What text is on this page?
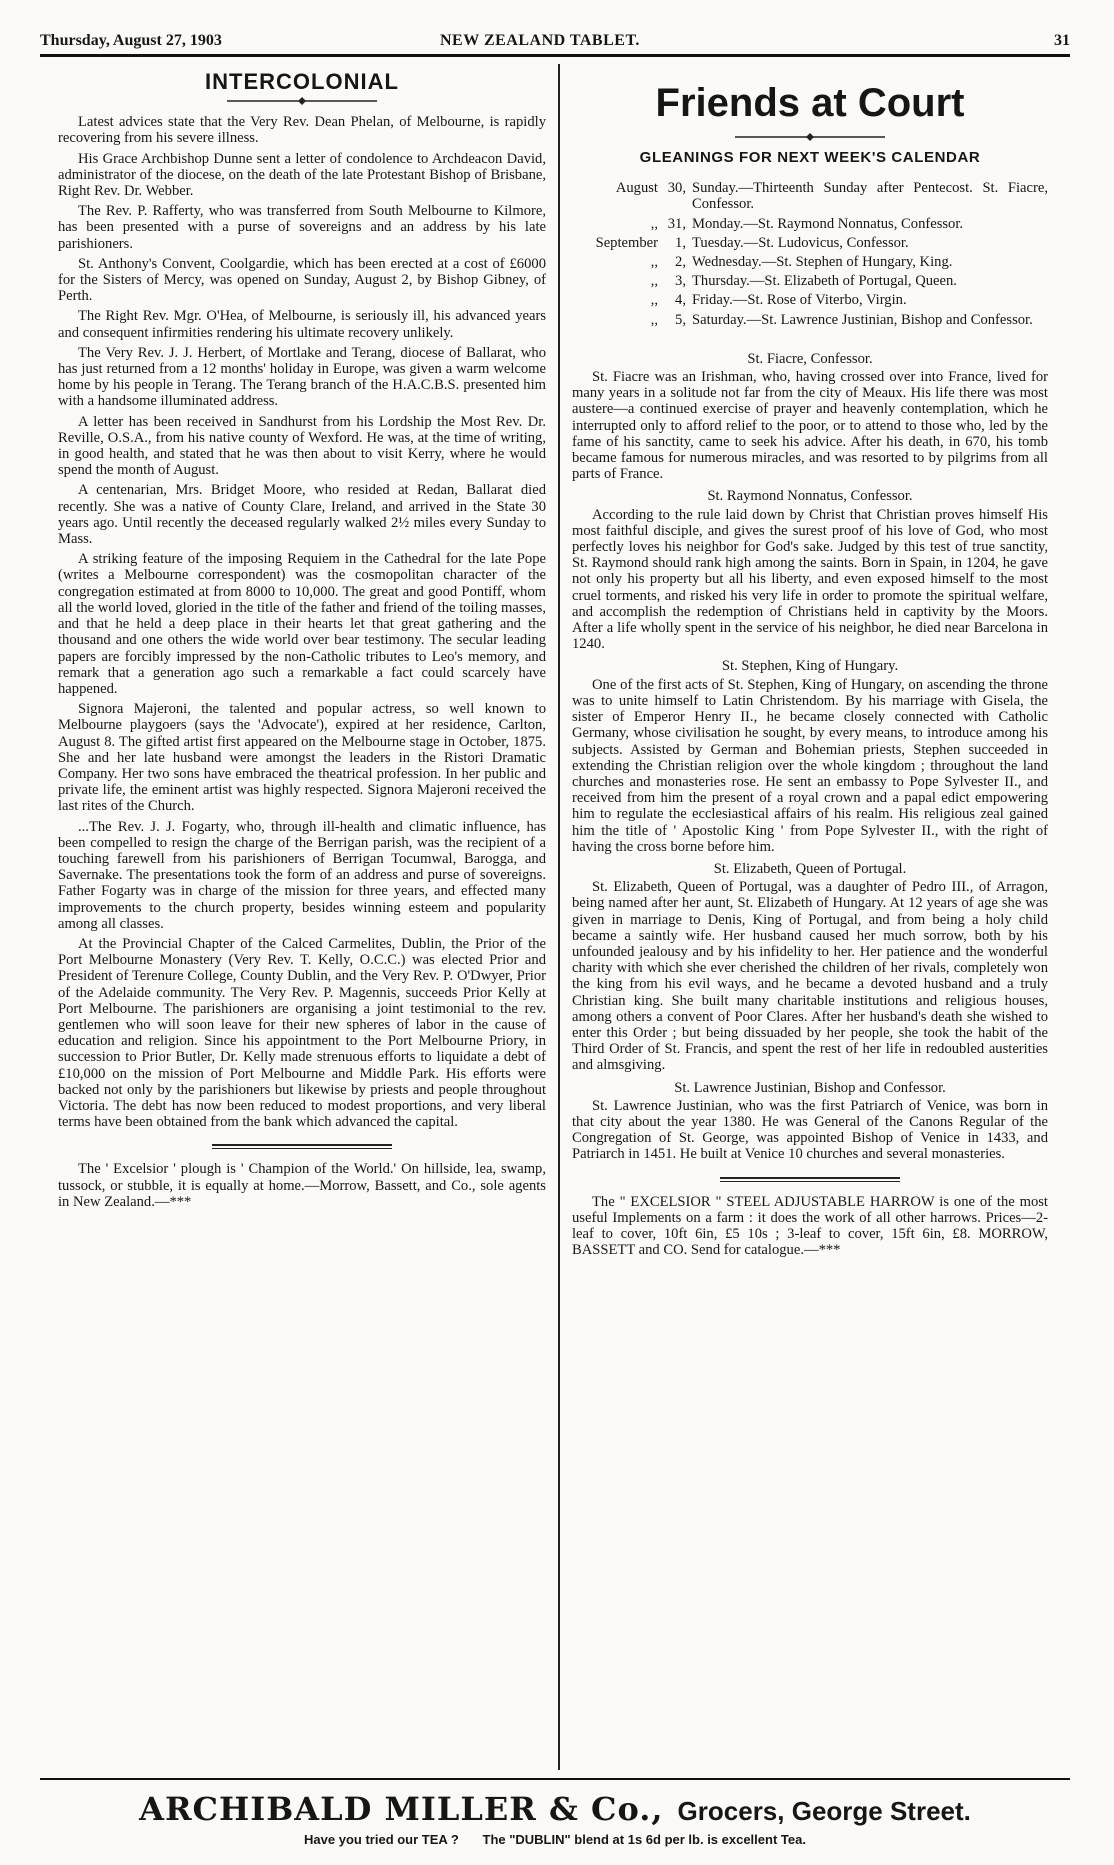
Thursday, August 27, 1903	NEW ZEALAND TABLET.	31
INTERCOLONIAL

Latest advices state that the Very Rev. Dean Phelan, of Melbourne, is rapidly recovering from his severe illness.

His Grace Archbishop Dunne sent a letter of condolence to Archdeacon David, administrator of the diocese, on the death of the late Protestant Bishop of Brisbane, Right Rev. Dr. Webber.

The Rev. P. Rafferty, who was transferred from South Melbourne to Kilmore, has been presented with a purse of sovereigns and an address by his late parishioners.

St. Anthony's Convent, Coolgardie, which has been erected at a cost of £6000 for the Sisters of Mercy, was opened on Sunday, August 2, by Bishop Gibney, of Perth.

The Right Rev. Mgr. O'Hea, of Melbourne, is seriously ill, his advanced years and consequent infirmities rendering his ultimate recovery unlikely.

The Very Rev. J. J. Herbert, of Mortlake and Terang, diocese of Ballarat, who has just returned from a 12 months' holiday in Europe, was given a warm welcome home by his people in Terang. The Terang branch of the H.A.C.B.S. presented him with a handsome illuminated address.

A letter has been received in Sandhurst from his Lordship the Most Rev. Dr. Reville, O.S.A., from his native county of Wexford. He was, at the time of writing, in good health, and stated that he was then about to visit Kerry, where he would spend the month of August.

A centenarian, Mrs. Bridget Moore, who resided at Redan, Ballarat died recently. She was a native of County Clare, Ireland, and arrived in the State 30 years ago. Until recently the deceased regularly walked 2½ miles every Sunday to Mass.

A striking feature of the imposing Requiem in the Cathedral for the late Pope (writes a Melbourne correspondent) was the cosmopolitan character of the congregation estimated at from 8000 to 10,000. The great and good Pontiff, whom all the world loved, gloried in the title of the father and friend of the toiling masses, and that he held a deep place in their hearts let that great gathering and the thousand and one others the wide world over bear testimony. The secular leading papers are forcibly impressed by the non-Catholic tributes to Leo's memory, and remark that a generation ago such a remarkable a fact could scarcely have happened.

Signora Majeroni, the talented and popular actress, so well known to Melbourne playgoers (says the 'Advocate'), expired at her residence, Carlton, August 8. The gifted artist first appeared on the Melbourne stage in October, 1875. She and her late husband were amongst the leaders in the Ristori Dramatic Company. Her two sons have embraced the theatrical profession. In her public and private life, the eminent artist was highly respected. Signora Majeroni received the last rites of the Church.

...The Rev. J. J. Fogarty, who, through ill-health and climatic influence, has been compelled to resign the charge of the Berrigan parish, was the recipient of a touching farewell from his parishioners of Berrigan Tocumwal, Barogga, and Savernake. The presentations took the form of an address and purse of sovereigns. Father Fogarty was in charge of the mission for three years, and effected many improvements to the church property, besides winning esteem and popularity among all classes.

At the Provincial Chapter of the Calced Carmelites, Dublin, the Prior of the Port Melbourne Monastery (Very Rev. T. Kelly, O.C.C.) was elected Prior and President of Terenure College, County Dublin, and the Very Rev. P. O'Dwyer, Prior of the Adelaide community. The Very Rev. P. Magennis, succeeds Prior Kelly at Port Melbourne. The parishioners are organising a joint testimonial to the rev. gentlemen who will soon leave for their new spheres of labor in the cause of education and religion. Since his appointment to the Port Melbourne Priory, in succession to Prior Butler, Dr. Kelly made strenuous efforts to liquidate a debt of £10,000 on the mission of Port Melbourne and Middle Park. His efforts were backed not only by the parishioners but likewise by priests and people throughout Victoria. The debt has now been reduced to modest proportions, and very liberal terms have been obtained from the bank which advanced the capital.

The ' Excelsior ' plough is ' Champion of the World.' On hillside, lea, swamp, tussock, or stubble, it is equally at home.—Morrow, Bassett, and Co., sole agents in New Zealand.—***

Friends at Court
GLEANINGS FOR NEXT WEEK'S CALENDAR
August	30,	Sunday.—Thirteenth Sunday after Pentecost. St. Fiacre, Confessor.
,,	31,	Monday.—St. Raymond Nonnatus, Confessor.
September	1,	Tuesday.—St. Ludovicus, Confessor.
,,	2,	Wednesday.—St. Stephen of Hungary, King.
,,	3,	Thursday.—St. Elizabeth of Portugal, Queen.
,,	4,	Friday.—St. Rose of Viterbo, Virgin.
,,	5,	Saturday.—St. Lawrence Justinian, Bishop and Confessor.
St. Fiacre, Confessor.

St. Fiacre was an Irishman, who, having crossed over into France, lived for many years in a solitude not far from the city of Meaux. His life there was most austere—a continued exercise of prayer and heavenly contemplation, which he interrupted only to afford relief to the poor, or to attend to those who, led by the fame of his sanctity, came to seek his advice. After his death, in 670, his tomb became famous for numerous miracles, and was resorted to by pilgrims from all parts of France.

St. Raymond Nonnatus, Confessor.

According to the rule laid down by Christ that Christian proves himself His most faithful disciple, and gives the surest proof of his love of God, who most perfectly loves his neighbor for God's sake. Judged by this test of true sanctity, St. Raymond should rank high among the saints. Born in Spain, in 1204, he gave not only his property but all his liberty, and even exposed himself to the most cruel torments, and risked his very life in order to promote the spiritual welfare, and accomplish the redemption of Christians held in captivity by the Moors. After a life wholly spent in the service of his neighbor, he died near Barcelona in 1240.

St. Stephen, King of Hungary.

One of the first acts of St. Stephen, King of Hungary, on ascending the throne was to unite himself to Latin Christendom. By his marriage with Gisela, the sister of Emperor Henry II., he became closely connected with Catholic Germany, whose civilisation he sought, by every means, to introduce among his subjects. Assisted by German and Bohemian priests, Stephen succeeded in extending the Christian religion over the whole kingdom ; throughout the land churches and monasteries rose. He sent an embassy to Pope Sylvester II., and received from him the present of a royal crown and a papal edict empowering him to regulate the ecclesiastical affairs of his realm. His religious zeal gained him the title of ' Apostolic King ' from Pope Sylvester II., with the right of having the cross borne before him.

St. Elizabeth, Queen of Portugal.

St. Elizabeth, Queen of Portugal, was a daughter of Pedro III., of Arragon, being named after her aunt, St. Elizabeth of Hungary. At 12 years of age she was given in marriage to Denis, King of Portugal, and from being a holy child became a saintly wife. Her husband caused her much sorrow, both by his unfounded jealousy and by his infidelity to her. Her patience and the wonderful charity with which she ever cherished the children of her rivals, completely won the king from his evil ways, and he became a devoted husband and a truly Christian king. She built many charitable institutions and religious houses, among others a convent of Poor Clares. After her husband's death she wished to enter this Order ; but being dissuaded by her people, she took the habit of the Third Order of St. Francis, and spent the rest of her life in redoubled austerities and almsgiving.

St. Lawrence Justinian, Bishop and Confessor.

St. Lawrence Justinian, who was the first Patriarch of Venice, was born in that city about the year 1380. He was General of the Canons Regular of the Congregation of St. George, was appointed Bishop of Venice in 1433, and Patriarch in 1451. He built at Venice 10 churches and several monasteries.

The " EXCELSIOR " STEEL ADJUSTABLE HARROW is one of the most useful Implements on a farm : it does the work of all other harrows. Prices—2-leaf to cover, 10ft 6in, £5 10s ; 3-leaf to cover, 15ft 6in, £8. MORROW, BASSETT and CO. Send for catalogue.—***

ARCHIBALD MILLER & Co., Grocers, George Street.
Have you tried our TEA ? The "DUBLIN" blend at 1s 6d per lb. is excellent Tea.
